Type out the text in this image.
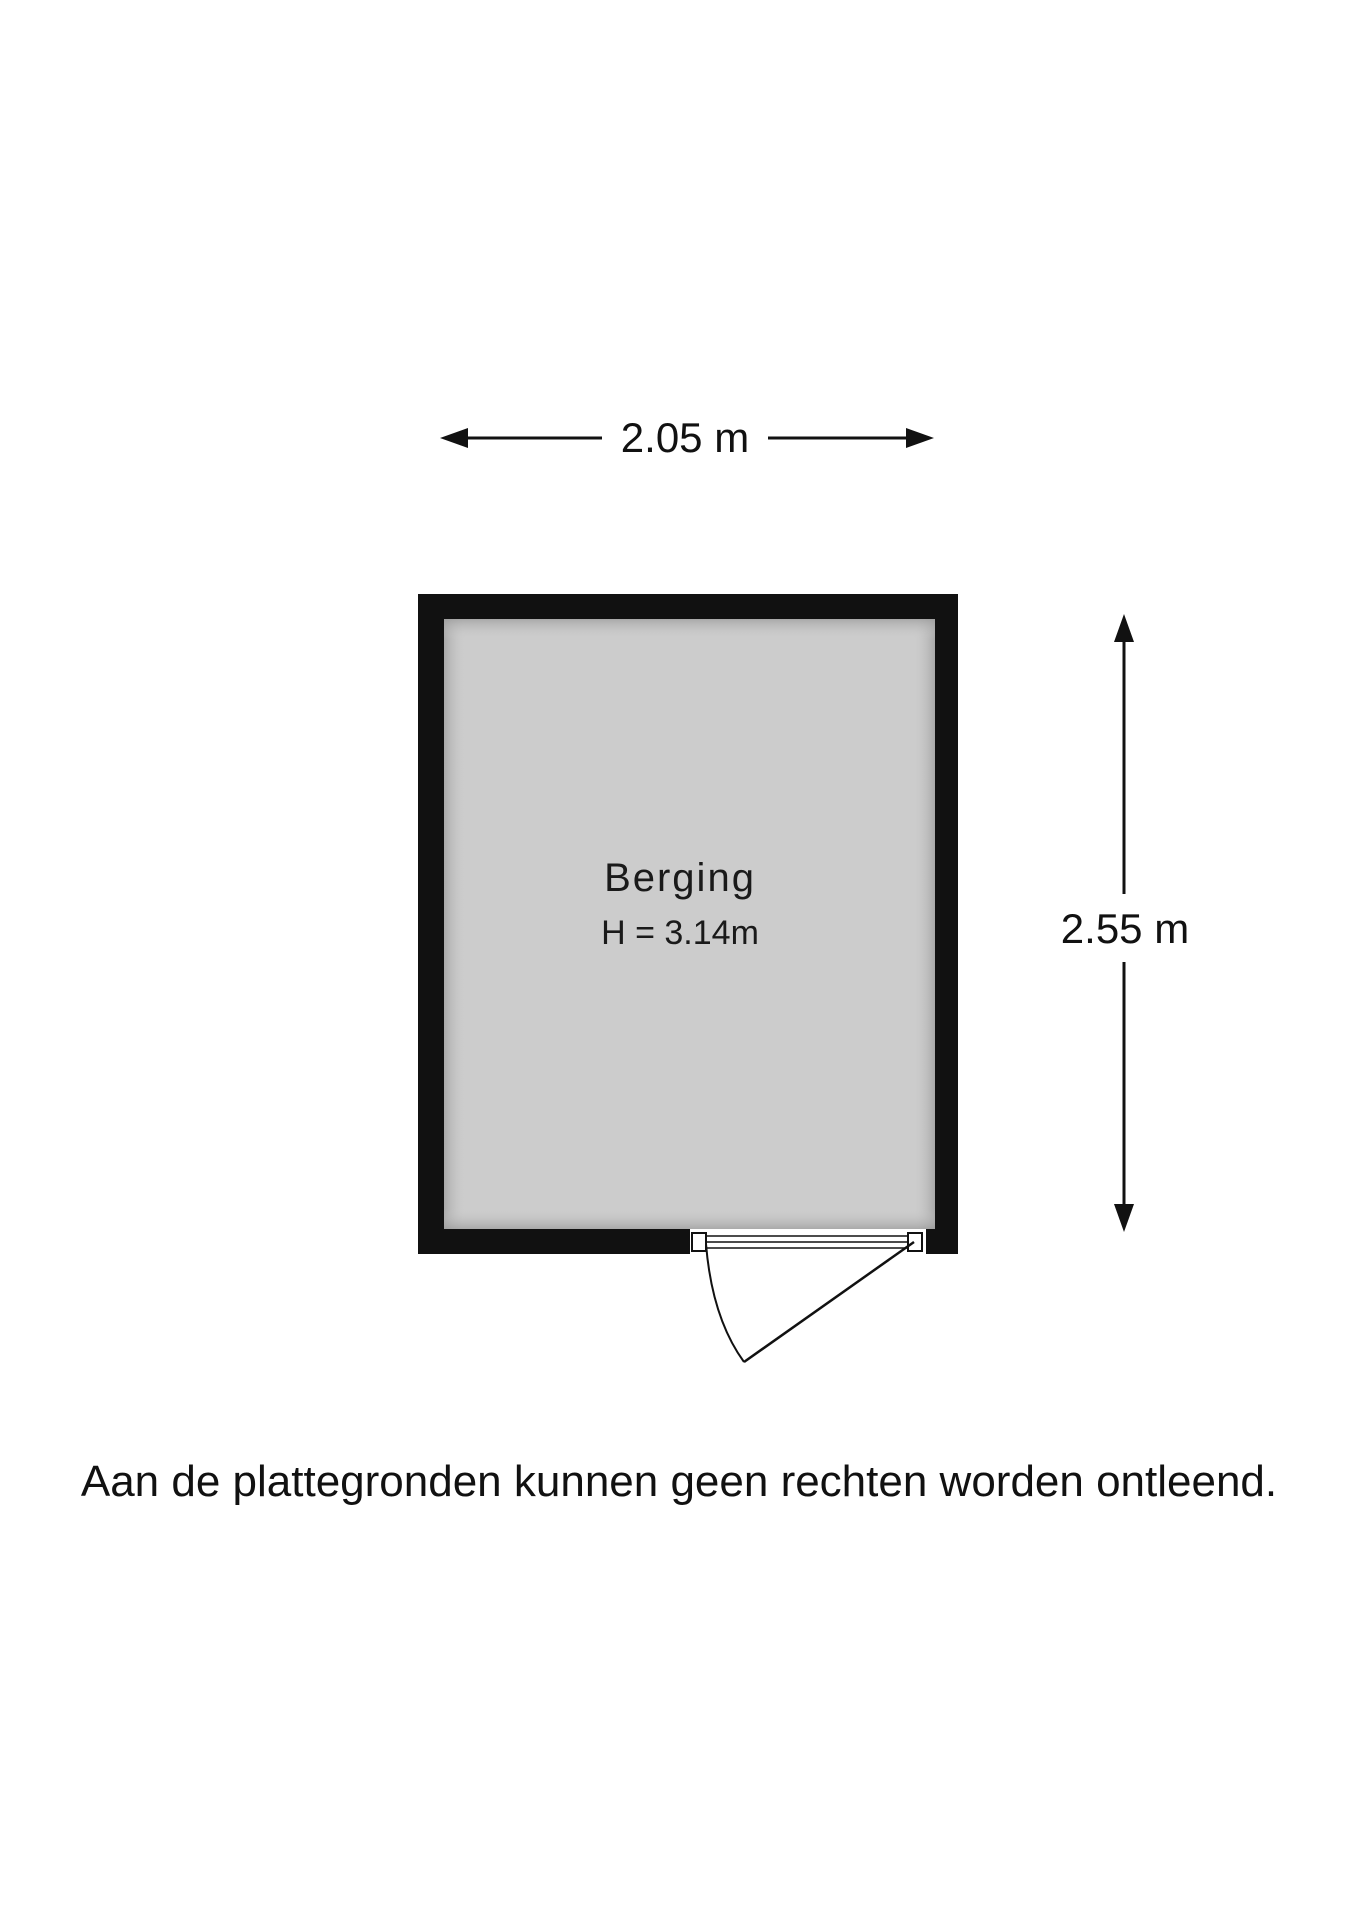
2.05 m
2.55 m
Berging
H = 3.14m
Aan de plattegronden kunnen geen rechten worden ontleend.
